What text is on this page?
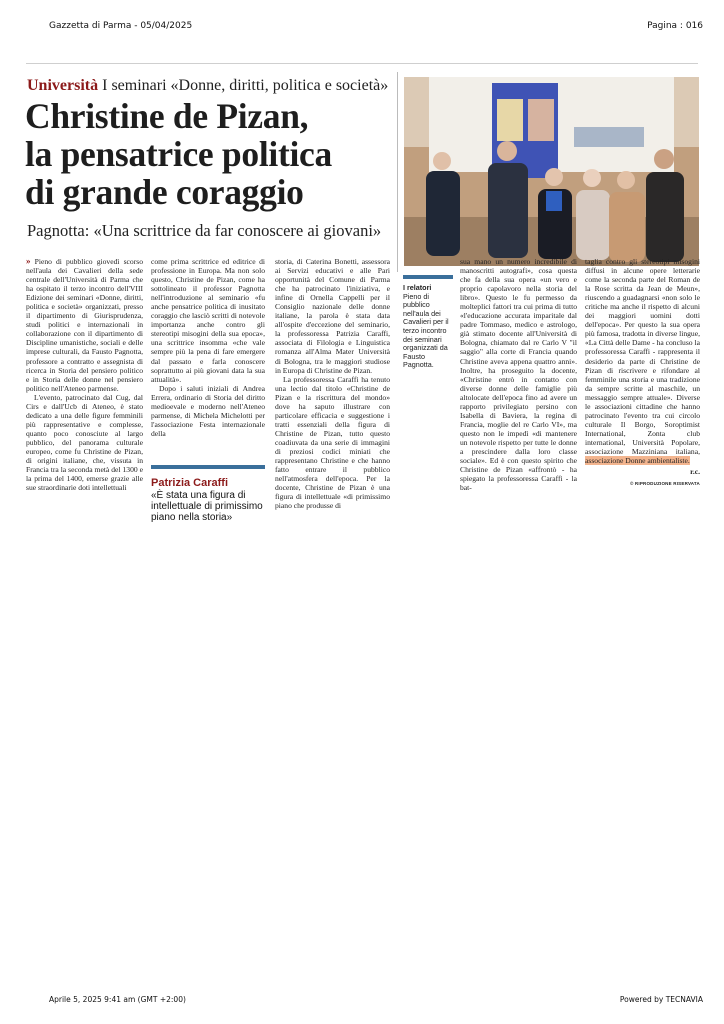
Gazzetta di Parma - 05/04/2025	Pagina : 016
Università I seminari «Donne, diritti, politica e società»
Christine de Pizan,
la pensatrice politica
di grande coraggio
Pagnotta: «Una scrittrice da far conoscere ai giovani»

» Pieno di pubblico giovedì scorso nell'aula dei Cavalieri della sede centrale dell'Università di Parma che ha ospitato il terzo incontro dell'VIII Edizione dei seminari «Donne, diritti, politica e società» organizzati, presso il dipartimento di Giurisprudenza, studi politici e internazionali in collaborazione con il dipartimento di Discipline umanistiche, sociali e delle imprese culturali, da Fausto Pagnotta, professore a contratto e assegnista di ricerca in Storia del pensiero politico e in Storia delle donne nel pensiero politico nell'Ateneo parmense.

L'evento, patrocinato dal Cug, dal Cirs e dall'Ucb di Ateneo, è stato dedicato a una delle figure femminili più rappresentative e complesse, quanto poco conosciute al largo pubblico, del panorama culturale europeo, come fu Christine de Pizan, di origini italiane, che, vissuta in Francia tra la seconda metà del 1300 e la prima del 1400, emerse grazie alle sue straordinarie doti intellettuali

come prima scrittrice ed editrice di professione in Europa. Ma non solo questo, Christine de Pizan, come ha sottolineato il professor Pagnotta nell'introduzione al seminario «fu anche pensatrice politica di inusitato coraggio che lasciò scritti di notevole importanza anche contro gli stereotipi misogini della sua epoca», una scrittrice insomma «che vale sempre più la pena di fare emergere dal passato e farla conoscere soprattutto ai più giovani data la sua attualità».

Dopo i saluti iniziali di Andrea Errera, ordinario di Storia del diritto medioevale e moderno nell'Ateneo parmense, di Michela Michelotti per l'associazione Festa internazionale della

Patrizia Caraffi
«È stata una figura di intellettuale di primissimo piano nella storia»

storia, di Caterina Bonetti, assessora ai Servizi educativi e alle Pari opportunità del Comune di Parma che ha patrocinato l'iniziativa, e infine di Ornella Cappelli per il Consiglio nazionale delle donne italiane, la parola è stata data all'ospite d'eccezione del seminario, la professoressa Patrizia Caraffi, associata di Filologia e Linguistica romanza all'Alma Mater Università di Bologna, tra le maggiori studiose in Europa di Christine de Pizan.

La professoressa Caraffi ha tenuto una lectio dal titolo «Christine de Pizan e la riscrittura del mondo» dove ha saputo illustrare con particolare efficacia e suggestione i tratti essenziali della figura di Christine de Pizan, tutto questo coadiuvata da una serie di immagini di preziosi codici miniati che rappresentano Christine e che hanno fatto entrare il pubblico nell'atmosfera dell'epoca. Per la docente, Christine de Pizan è una figura di intellettuale «di primissimo piano che produsse di

I relatori
Pieno di pubblico nell'aula dei Cavalieri per il terzo incontro dei seminari organizzati da Fausto Pagnotta.

sua mano un numero incredibile di manoscritti autografi», cosa questa che fa della sua opera «un vero e proprio capolavoro nella storia del libro». Questo le fu permesso da molteplici fattori tra cui prima di tutto «l'educazione accurata imparitale dal padre Tommaso, medico e astrologo, già stimato docente all'Università di Bologna, chiamato dal re Carlo V "il saggio" alla corte di Francia quando Christine aveva appena quattro anni». Inoltre, ha proseguito la docente, «Christine entrò in contatto con diverse donne delle famiglie più altolocate dell'epoca fino ad avere un rapporto privilegiato persino con Isabella di Baviera, la regina di Francia, moglie del re Carlo VI», ma questo non le impedì «di mantenere un notevole rispetto per tutte le donne a prescindere dalla loro classe sociale». Ed è con questo spirito che Christine de Pizan «affrontò - ha spiegato la professoressa Caraffi - la bat-

taglia contro gli stereotipi misogini diffusi in alcune opere letterarie come la seconda parte del Roman de la Rose scritta da Jean de Meun», riuscendo a guadagnarsi «non solo le critiche ma anche il rispetto di alcuni dei maggiori uomini dotti dell'epoca». Per questo la sua opera più famosa, tradotta in diverse lingue, «La Città delle Dame - ha concluso la professoressa Caraffi - rappresenta il desiderio da parte di Christine de Pizan di riscrivere e rifondare al femminile una storia e una tradizione da sempre scritte al maschile, un messaggio sempre attuale». Diverse le associazioni cittadine che hanno patrocinato l'evento tra cui circolo culturale Il Borgo, Soroptimist International, Zonta club international, Università Popolare, associazione Mazziniana italiana, associazione Donne ambientaliste.

r.c.
© RIPRODUZIONE RISERVATA
Aprile 5, 2025 9:41 am (GMT +2:00)	Powered by TECNAVIA
